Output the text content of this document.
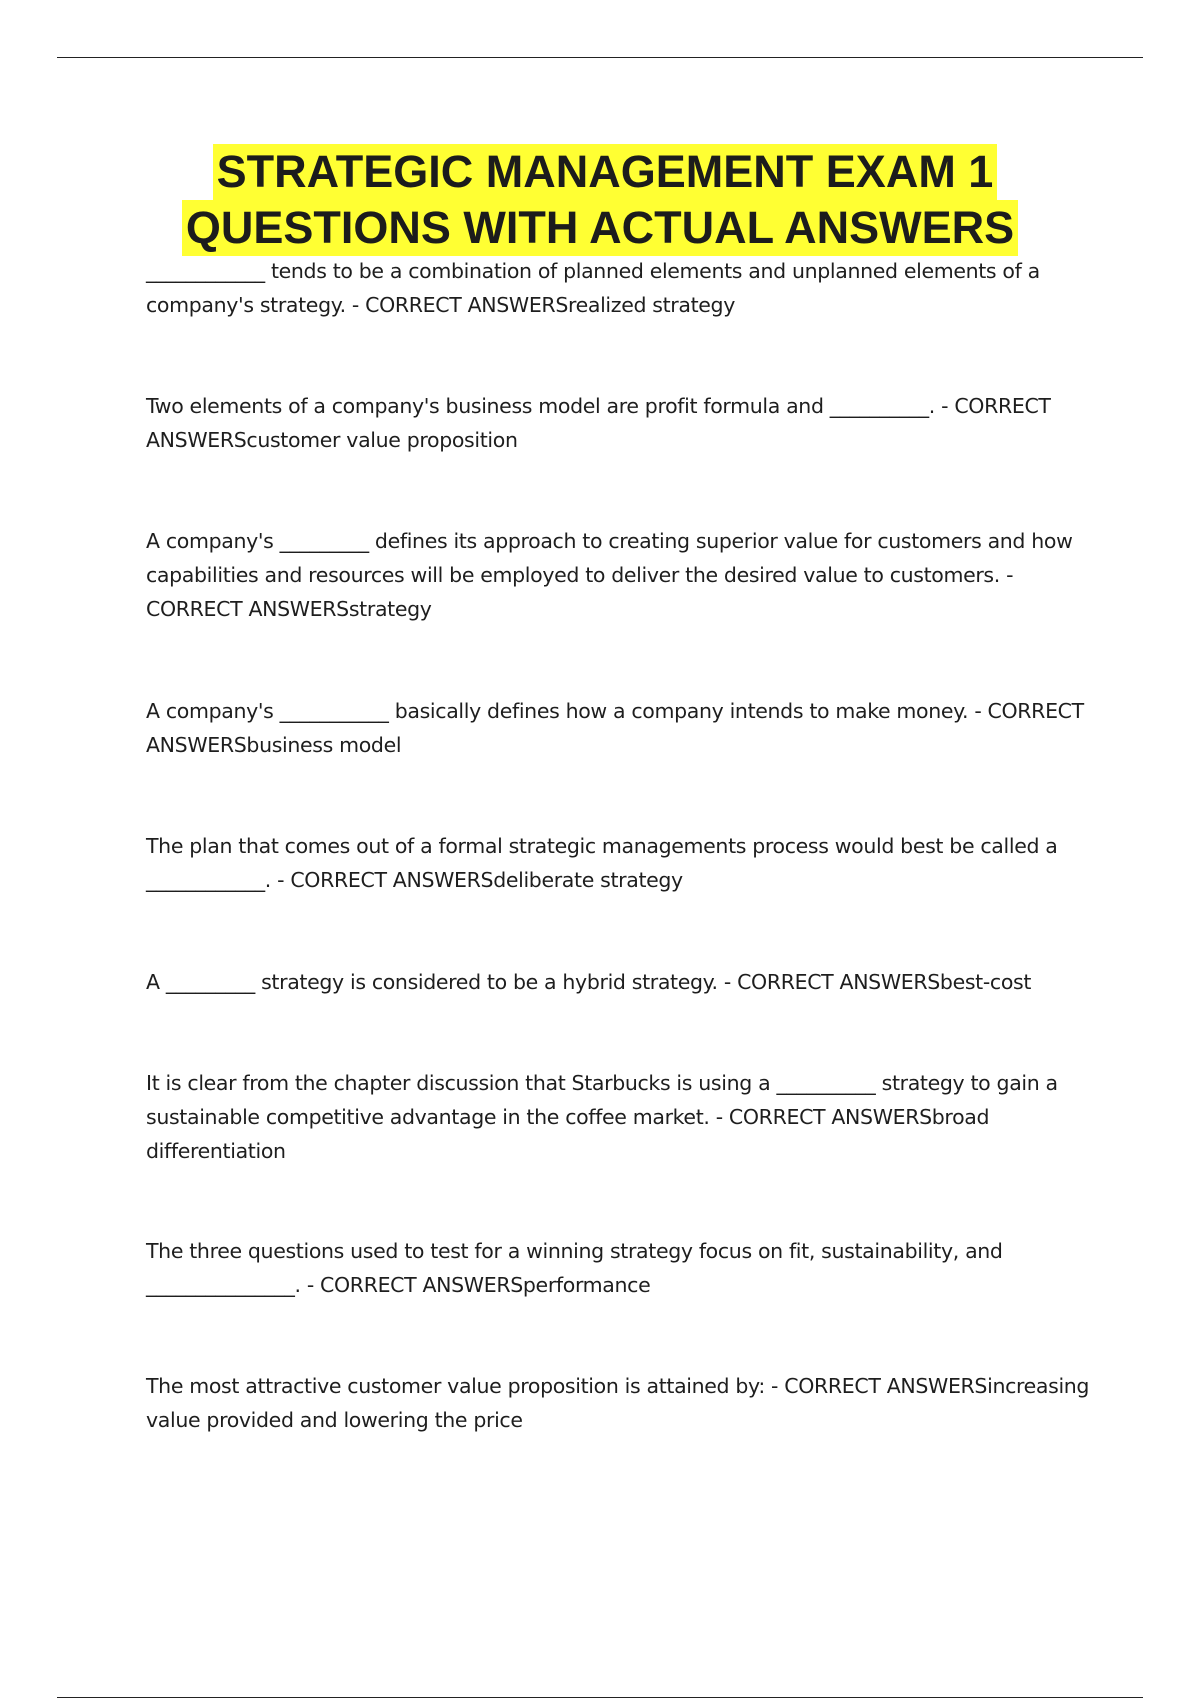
STRATEGIC MANAGEMENT EXAM 1
QUESTIONS WITH ACTUAL ANSWERS
____________ tends to be a combination of planned elements and unplanned elements of a
company's strategy. - CORRECT ANSWERSrealized strategy
Two elements of a company's business model are profit formula and __________. - CORRECT
ANSWERScustomer value proposition
A company's _________ defines its approach to creating superior value for customers and how
capabilities and resources will be employed to deliver the desired value to customers. -
CORRECT ANSWERSstrategy
A company's ___________ basically defines how a company intends to make money. - CORRECT
ANSWERSbusiness model
The plan that comes out of a formal strategic managements process would best be called a
____________. - CORRECT ANSWERSdeliberate strategy
A _________ strategy is considered to be a hybrid strategy. - CORRECT ANSWERSbest-cost
It is clear from the chapter discussion that Starbucks is using a __________ strategy to gain a
sustainable competitive advantage in the coffee market. - CORRECT ANSWERSbroad
differentiation
The three questions used to test for a winning strategy focus on fit, sustainability, and
_______________. - CORRECT ANSWERSperformance
The most attractive customer value proposition is attained by: - CORRECT ANSWERSincreasing
value provided and lowering the price
